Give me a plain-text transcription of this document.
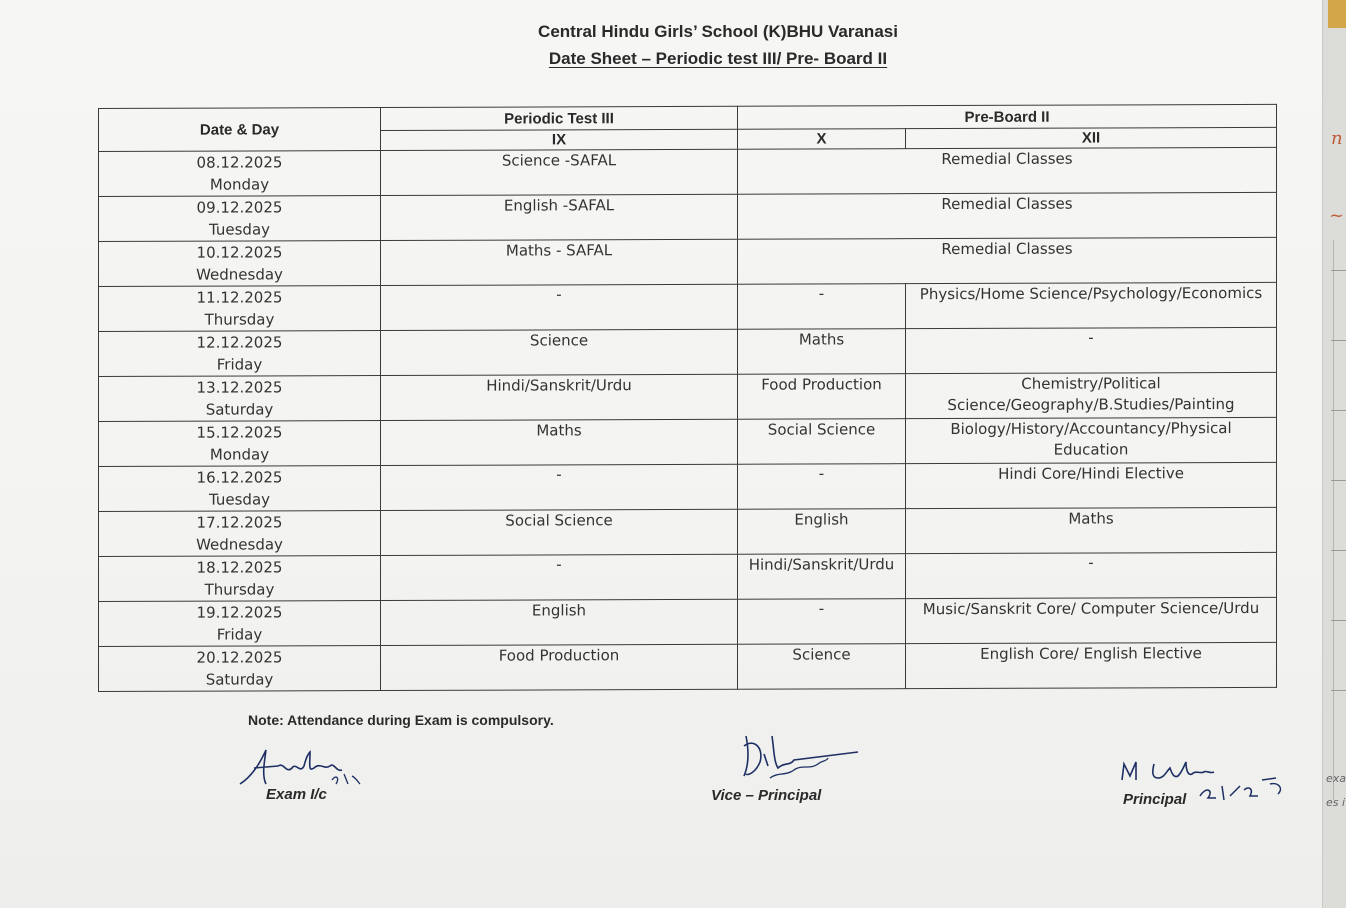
Central Hindu Girls’ School (K)BHU Varanasi
Date Sheet – Periodic test III/ Pre- Board II
Date & Day	Periodic Test III	Pre-Board II	
	IX	X	XII

08.12.2025
Monday	Science -SAFAL	Remedial Classes	

09.12.2025
Tuesday	English -SAFAL	Remedial Classes	

10.12.2025
Wednesday	Maths - SAFAL	Remedial Classes	

11.12.2025
Thursday	-	-	Physics/Home Science/Psychology/Economics

12.12.2025
Friday	Science	Maths	-

13.12.2025
Saturday	Hindi/Sanskrit/Urdu	Food Production	Chemistry/Political Science/Geography/B.Studies/Painting

15.12.2025
Monday	Maths	Social Science	Biology/History/Accountancy/Physical Education

16.12.2025
Tuesday	-	-	Hindi Core/Hindi Elective

17.12.2025
Wednesday	Social Science	English	Maths

18.12.2025
Thursday	-	Hindi/Sanskrit/Urdu	-

19.12.2025
Friday	English	-	Music/Sanskrit Core/ Computer Science/Urdu

20.12.2025
Saturday	Food Production	Science	English Core/ English Elective
Note: Attendance during Exam is compulsory.
Exam I/c	Vice – Principal	Principal
n
~
exa
es i
